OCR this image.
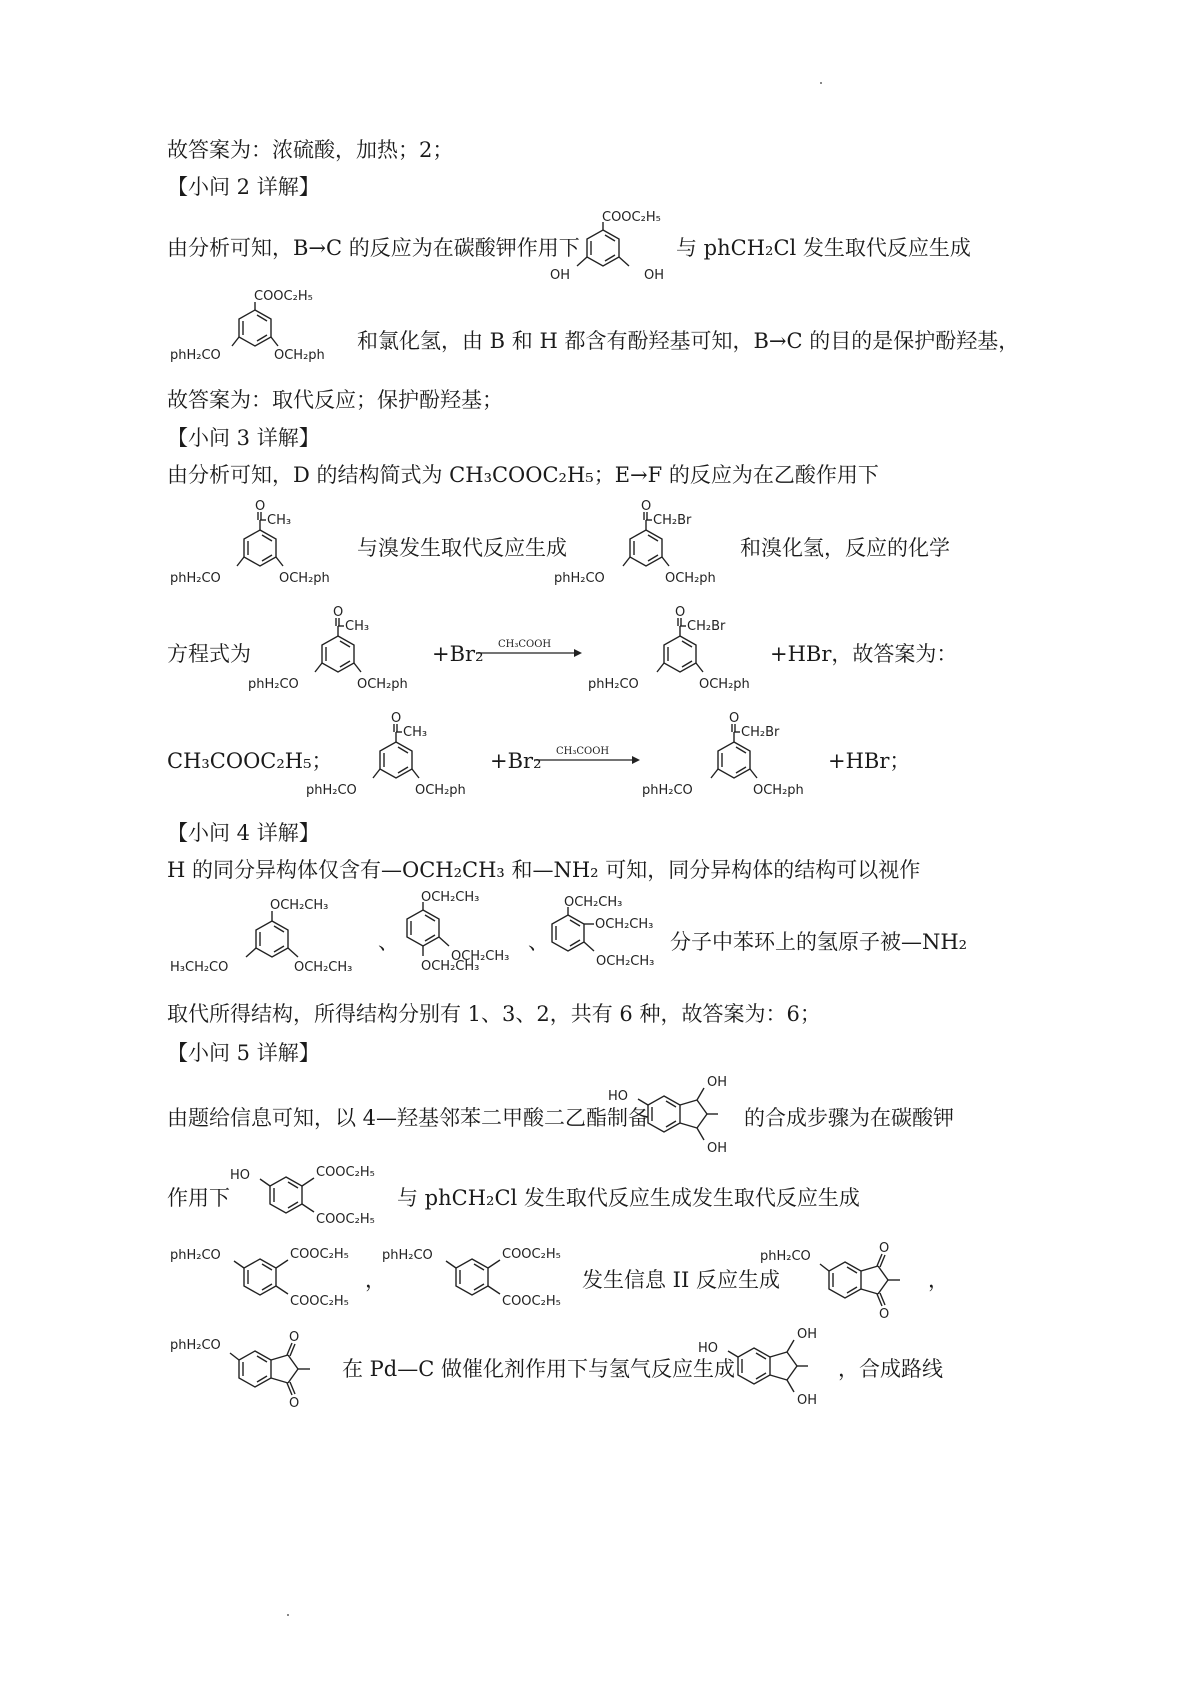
故答案为：浓硫酸，加热；2；
【小问 2 详解】
由分析可知，B→C 的反应为在碳酸钾作用下	与 phCH₂Cl 发生取代反应生成
和氯化氢，由 B 和 H 都含有酚羟基可知，B→C 的目的是保护酚羟基，
故答案为：取代反应；保护酚羟基；
【小问 3 详解】
由分析可知，D 的结构简式为 CH₃COOC₂H₅；E→F 的反应为在乙酸作用下
与溴发生取代反应生成	和溴化氢，反应的化学
方程式为	+Br₂	+HBr，故答案为：
CH₃COOC₂H₅；	+Br₂	+HBr；
【小问 4 详解】
H 的同分异构体仅含有—OCH₂CH₃ 和—NH₂ 可知，同分异构体的结构可以视作
、	、	分子中苯环上的氢原子被—NH₂
取代所得结构，所得结构分别有 1、3、2，共有 6 种，故答案为：6；
【小问 5 详解】
由题给信息可知，以 4—羟基邻苯二甲酸二乙酯制备	的合成步骤为在碳酸钾
作用下	与 phCH₂Cl 发生取代反应生成发生取代反应生成
，	发生信息 II 反应生成	，
在 Pd—C 做催化剂作用下与氢气反应生成	，合成路线
COOC₂H₅
OH	OH
COOC₂H₅
phH₂CO	OCH₂ph
O
CH₃
phH₂CO	OCH₂ph
O
CH₂Br
phH₂CO	OCH₂ph
O
CH₃
phH₂CO	OCH₂ph
CH₃COOH
O
CH₂Br
phH₂CO	OCH₂ph
O
CH₃
phH₂CO	OCH₂ph
CH₃COOH
O
CH₂Br
phH₂CO	OCH₂ph
OCH₂CH₃
H₃CH₂CO	OCH₂CH₃
OCH₂CH₃
OCH₂CH₃
OCH₂CH₃
OCH₂CH₃
OCH₂CH₃
OCH₂CH₃
OH
OH
HO
HO	COOC₂H₅
COOC₂H₅
phH₂CO	COOC₂H₅
COOC₂H₅
phH₂CO	COOC₂H₅
COOC₂H₅
O
O
phH₂CO
O
O
phH₂CO
OH
OH
HO
